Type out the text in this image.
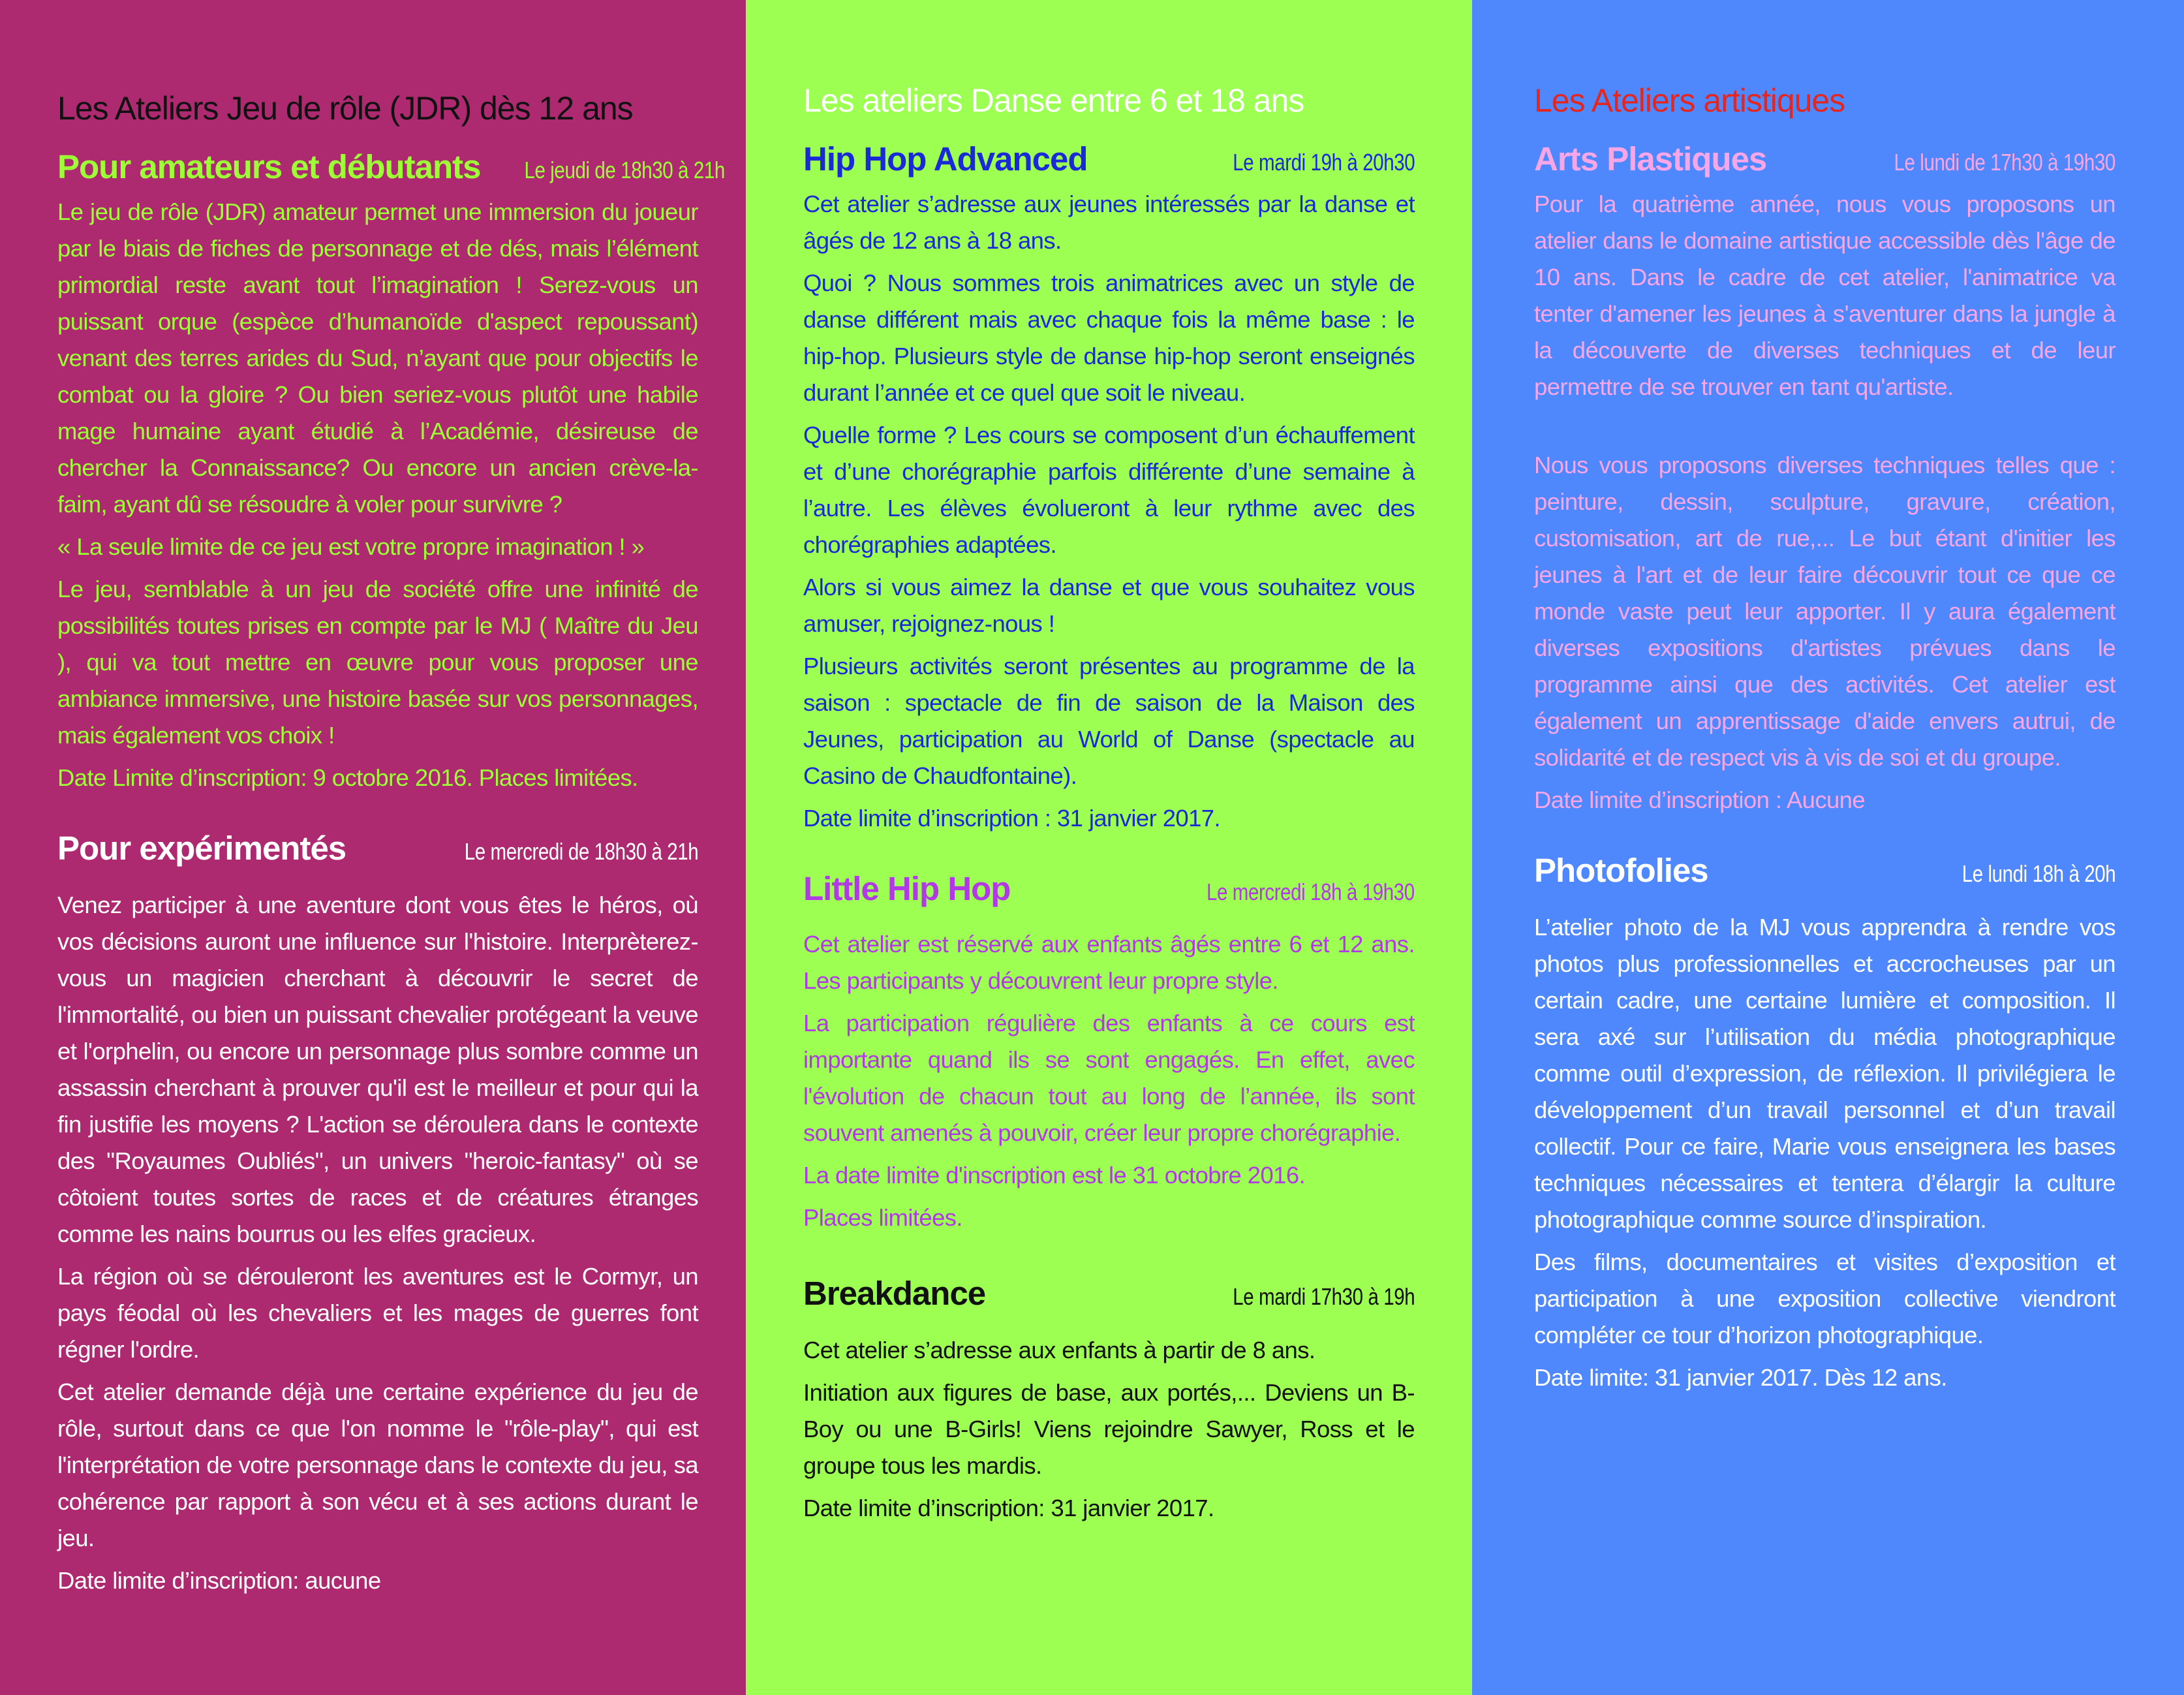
Les Ateliers Jeu de rôle (JDR) dès 12 ans
Pour amateurs et débutants Le jeudi de 18h30 à 21h

Le jeu de rôle (JDR) amateur permet une immersion du joueur par le biais de fiches de personnage et de dés, mais l’élément primordial reste avant tout l’imagination ! Serez-vous un puissant orque (espèce d’humanoïde d'aspect repoussant) venant des terres arides du Sud, n’ayant que pour objectifs le combat ou la gloire ? Ou bien seriez-vous plutôt une habile mage humaine ayant étudié à l’Académie, désireuse de chercher la Connaissance? Ou encore un ancien crève-la-faim, ayant dû se résoudre à voler pour survivre ?

« La seule limite de ce jeu est votre propre imagination ! »

Le jeu, semblable à un jeu de société offre une infinité de possibilités toutes prises en compte par le MJ ( Maître du Jeu ), qui va tout mettre en œuvre pour vous proposer une ambiance immersive, une histoire basée sur vos personnages, mais également vos choix !

Date Limite d’inscription: 9 octobre 2016. Places limitées.

Pour expérimentés	Le mercredi de 18h30 à 21h

Venez participer à une aventure dont vous êtes le héros, où vos décisions auront une influence sur l'histoire. Interprèterez-vous un magicien cherchant à découvrir le secret de l'immortalité, ou bien un puissant chevalier protégeant la veuve et l'orphelin, ou encore un personnage plus sombre comme un assassin cherchant à prouver qu'il est le meilleur et pour qui la fin justifie les moyens ? L'action se déroulera dans le contexte des "Royaumes Oubliés", un univers "heroic-fantasy" où se côtoient toutes sortes de races et de créatures étranges comme les nains bourrus ou les elfes gracieux.

La région où se dérouleront les aventures est le Cormyr, un pays féodal où les chevaliers et les mages de guerres font régner l'ordre.

Cet atelier demande déjà une certaine expérience du jeu de rôle, surtout dans ce que l'on nomme le "rôle-play", qui est l'interprétation de votre personnage dans le contexte du jeu, sa cohérence par rapport à son vécu et à ses actions durant le jeu.

Date limite d’inscription: aucune

Les ateliers Danse entre 6 et 18 ans
Hip Hop Advanced	Le mardi 19h à 20h30

Cet atelier s’adresse aux jeunes intéressés par la danse et âgés de 12 ans à 18 ans.

Quoi ? Nous sommes trois animatrices avec un style de danse différent mais avec chaque fois la même base : le hip-hop. Plusieurs style de danse hip-hop seront enseignés durant l’année et ce quel que soit le niveau.

Quelle forme ? Les cours se composent d’un échauffement et d’une chorégraphie parfois différente d’une semaine à l’autre. Les élèves évolueront à leur rythme avec des chorégraphies adaptées.

Alors si vous aimez la danse et que vous souhaitez vous amuser, rejoignez-nous !

Plusieurs activités seront présentes au programme de la saison : spectacle de fin de saison de la Maison des Jeunes, participation au World of Danse (spectacle au Casino de Chaudfontaine).

Date limite d’inscription : 31 janvier 2017.

Little Hip Hop	Le mercredi 18h à 19h30

Cet atelier est réservé aux enfants âgés entre 6 et 12 ans. Les participants y découvrent leur propre style.

La participation régulière des enfants à ce cours est importante quand ils se sont engagés. En effet, avec l'évolution de chacun tout au long de l’année, ils sont souvent amenés à pouvoir, créer leur propre chorégraphie.

La date limite d'inscription est le 31 octobre 2016.

Places limitées.

Breakdance	Le mardi 17h30 à 19h

Cet atelier s’adresse aux enfants à partir de 8 ans.

Initiation aux figures de base, aux portés,... Deviens un B-Boy ou une B-Girls! Viens rejoindre Sawyer, Ross et le groupe tous les mardis.

Date limite d’inscription: 31 janvier 2017.

Les Ateliers artistiques
Arts Plastiques	Le lundi de 17h30 à 19h30

Pour la quatrième année, nous vous proposons un atelier dans le domaine artistique accessible dès l'âge de 10 ans. Dans le cadre de cet atelier, l'animatrice va tenter d'amener les jeunes à s'aventurer dans la jungle à la découverte de diverses techniques et de leur permettre de se trouver en tant qu'artiste.

Nous vous proposons diverses techniques telles que : peinture, dessin, sculpture, gravure, création, customisation, art de rue,... Le but étant d'initier les jeunes à l'art et de leur faire découvrir tout ce que ce monde vaste peut leur apporter. Il y aura également diverses expositions d'artistes prévues dans le programme ainsi que des activités. Cet atelier est également un apprentissage d'aide envers autrui, de solidarité et de respect vis à vis de soi et du groupe.

Date limite d’inscription : Aucune

Photofolies	Le lundi 18h à 20h

L’atelier photo de la MJ vous apprendra à rendre vos photos plus professionnelles et accrocheuses par un certain cadre, une certaine lumière et composition. Il sera axé sur l’utilisation du média photographique comme outil d’expression, de réflexion. Il privilégiera le développement d’un travail personnel et d’un travail collectif. Pour ce faire, Marie vous enseignera les bases techniques nécessaires et tentera d’élargir la culture photographique comme source d’inspiration.

Des films, documentaires et visites d’exposition et participation à une exposition collective viendront compléter ce tour d’horizon photographique.

Date limite: 31 janvier 2017. Dès 12 ans.
